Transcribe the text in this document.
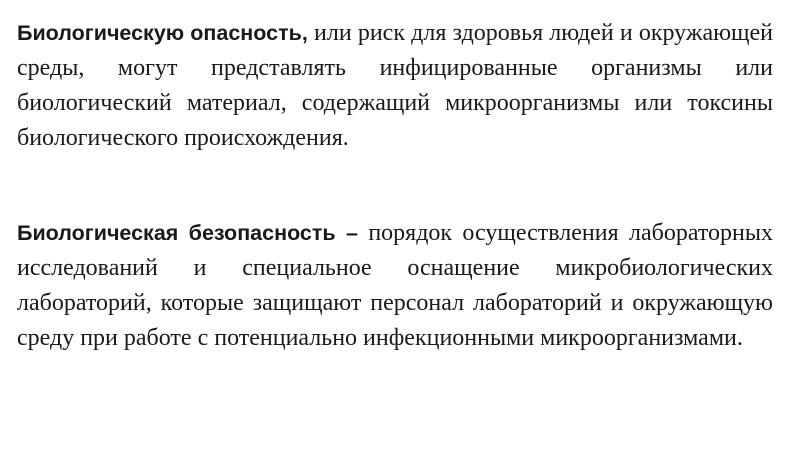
Биологическую опасность, или риск для здоровья людей и окружающей среды, могут представлять инфицированные организмы или биологический материал, содержащий микроорганизмы или токсины биологического происхождения.

Биологическая безопасность – порядок осуществления лабораторных исследований и специальное оснащение микробиологических лабораторий, которые защищают персонал лабораторий и окружающую среду при работе с потенциально инфекционными микроорганизмами.
